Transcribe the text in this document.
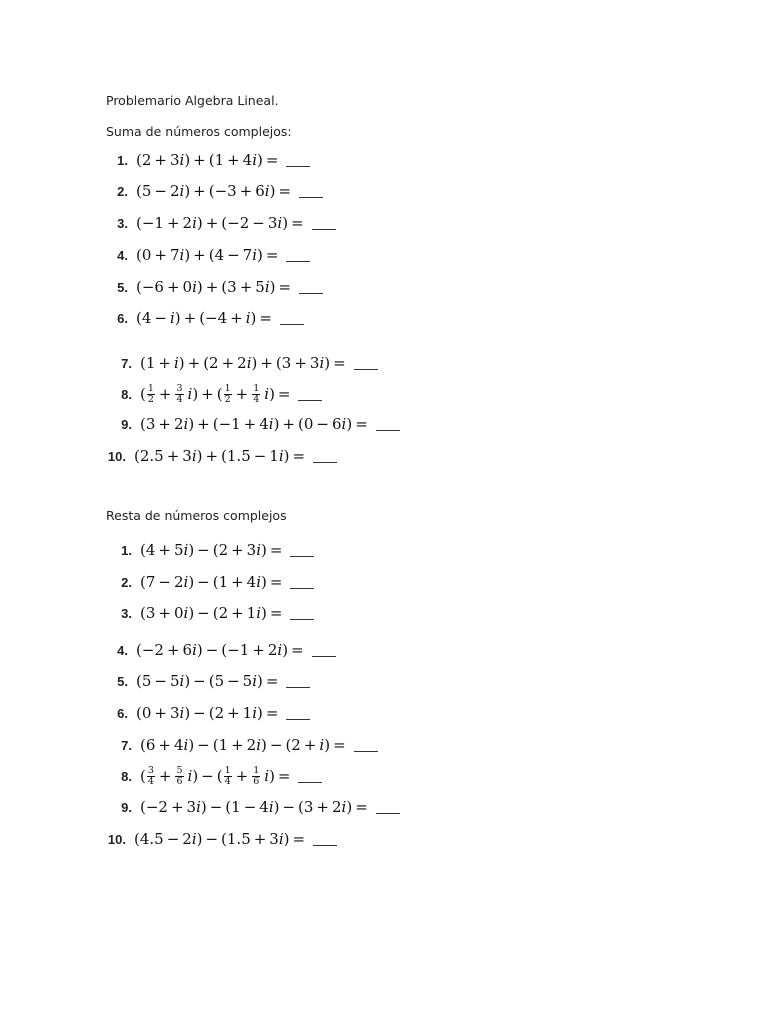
Problemario Algebra Lineal.
Suma de números complejos:
1. (2 + 3 i ) + (1 + 4 i ) =
2. (5 − 2 i ) + (−3 + 6 i ) =
3. (−1 + 2 i ) + (−2 − 3 i ) =
4. (0 + 7 i ) + (4 − 7 i ) =
5. (−6 + 0 i ) + (3 + 5 i ) =
6. (4 −  i ) + (−4 +  i ) =
7. (1 +  i ) + (2 + 2 i ) + (3 + 3 i ) =
8. ( $\frac{1}{2} + \frac{3}{4}$
  i ) + ( $\frac{1}{2} + \frac{1}{4}$
  i ) =
9. (3 + 2 i ) + (−1 + 4 i ) + (0 − 6 i ) =
10. (2.5 + 3 i ) + (1.5 − 1 i ) =
Resta de números complejos
1. (4 + 5 i ) − (2 + 3 i ) =
2. (7 − 2 i ) − (1 + 4 i ) =
3. (3 + 0 i ) − (2 + 1 i ) =
4. (−2 + 6 i ) − (−1 + 2 i ) =
5. (5 − 5 i ) − (5 − 5 i ) =
6. (0 + 3 i ) − (2 + 1 i ) =
7. (6 + 4 i ) − (1 + 2 i ) − (2 +  i ) =
8. ( $\frac{3}{4} + \frac{5}{6}$
  i ) − ( $\frac{1}{4} + \frac{1}{6}$
  i ) =
9. (−2 + 3 i ) − (1 − 4 i ) − (3 + 2 i ) =
10. (4.5 − 2 i ) − (1.5 + 3 i ) =
